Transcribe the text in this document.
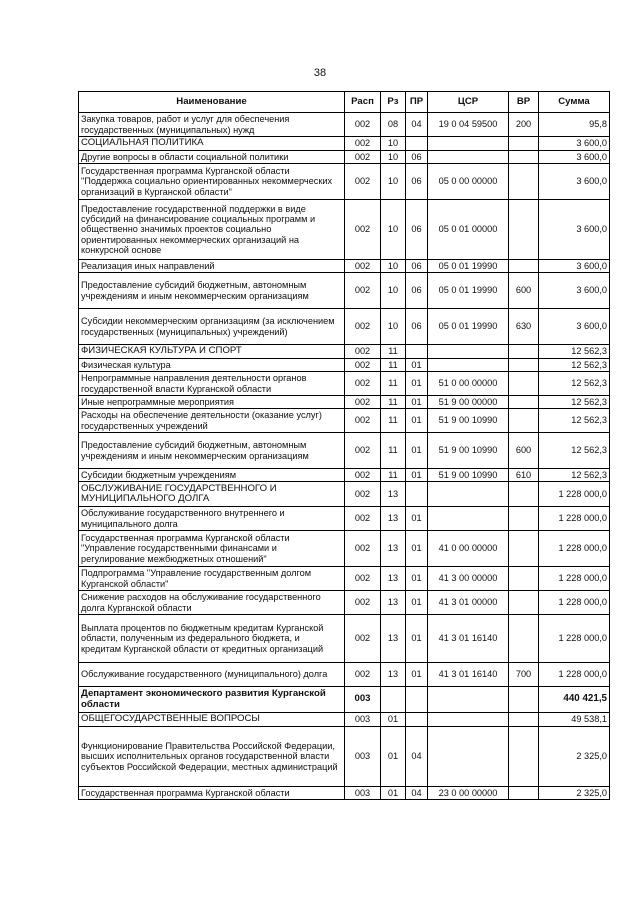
38
Наименование	Расп	Рз	ПР	ЦСР	ВР	Сумма
Закупка товаров, работ и услуг для обеспечения государственных (муниципальных) нужд	002	08	04	19 0 04 59500	200	95,8
СОЦИАЛЬНАЯ ПОЛИТИКА	002	10				3 600,0
Другие вопросы в области социальной политики	002	10	06			3 600,0
Государственная программа Курганской области "Поддержка социально ориентированных некоммерческих организаций в Курганской области"	002	10	06	05 0 00 00000		3 600,0
Предоставление государственной поддержки в виде субсидий на финансирование социальных программ и общественно значимых проектов социально ориентированных некоммерческих организаций на конкурсной основе	002	10	06	05 0 01 00000		3 600,0
Реализация иных направлений	002	10	06	05 0 01 19990		3 600,0
Предоставление субсидий бюджетным, автономным учреждениям и иным некоммерческим организациям	002	10	06	05 0 01 19990	600	3 600,0
Субсидии некоммерческим организациям (за исключением государственных (муниципальных) учреждений)	002	10	06	05 0 01 19990	630	3 600,0
ФИЗИЧЕСКАЯ КУЛЬТУРА И СПОРТ	002	11				12 562,3
Физическая культура	002	11	01			12 562,3
Непрограммные направления деятельности органов государственной власти Курганской области	002	11	01	51 0 00 00000		12 562,3
Иные непрограммные мероприятия	002	11	01	51 9 00 00000		12 562,3
Расходы на обеспечение деятельности (оказание услуг) государственных учреждений	002	11	01	51 9 00 10990		12 562,3
Предоставление субсидий бюджетным, автономным учреждениям и иным некоммерческим организациям	002	11	01	51 9 00 10990	600	12 562,3
Субсидии бюджетным учреждениям	002	11	01	51 9 00 10990	610	12 562,3
ОБСЛУЖИВАНИЕ ГОСУДАРСТВЕННОГО И МУНИЦИПАЛЬНОГО ДОЛГА	002	13				1 228 000,0
Обслуживание государственного внутреннего и муниципального долга	002	13	01			1 228 000,0
Государственная программа Курганской области "Управление государственными финансами и регулирование межбюджетных отношений"	002	13	01	41 0 00 00000		1 228 000,0
Подпрограмма "Управление государственным долгом Курганской области"	002	13	01	41 3 00 00000		1 228 000,0
Снижение расходов на обслуживание государственного долга Курганской области	002	13	01	41 3 01 00000		1 228 000,0
Выплата процентов по бюджетным кредитам Курганской области, полученным из федерального бюджета, и кредитам Курганской области от кредитных организаций	002	13	01	41 3 01 16140		1 228 000,0
Обслуживание государственного (муниципального) долга	002	13	01	41 3 01 16140	700	1 228 000,0
Департамент экономического развития Курганской области	003					440 421,5
ОБЩЕГОСУДАРСТВЕННЫЕ ВОПРОСЫ	003	01				49 538,1
Функционирование Правительства Российской Федерации, высших исполнительных органов государственной власти субъектов Российской Федерации, местных администраций	003	01	04			2 325,0
Государственная программа Курганской области	003	01	04	23 0 00 00000		2 325,0
